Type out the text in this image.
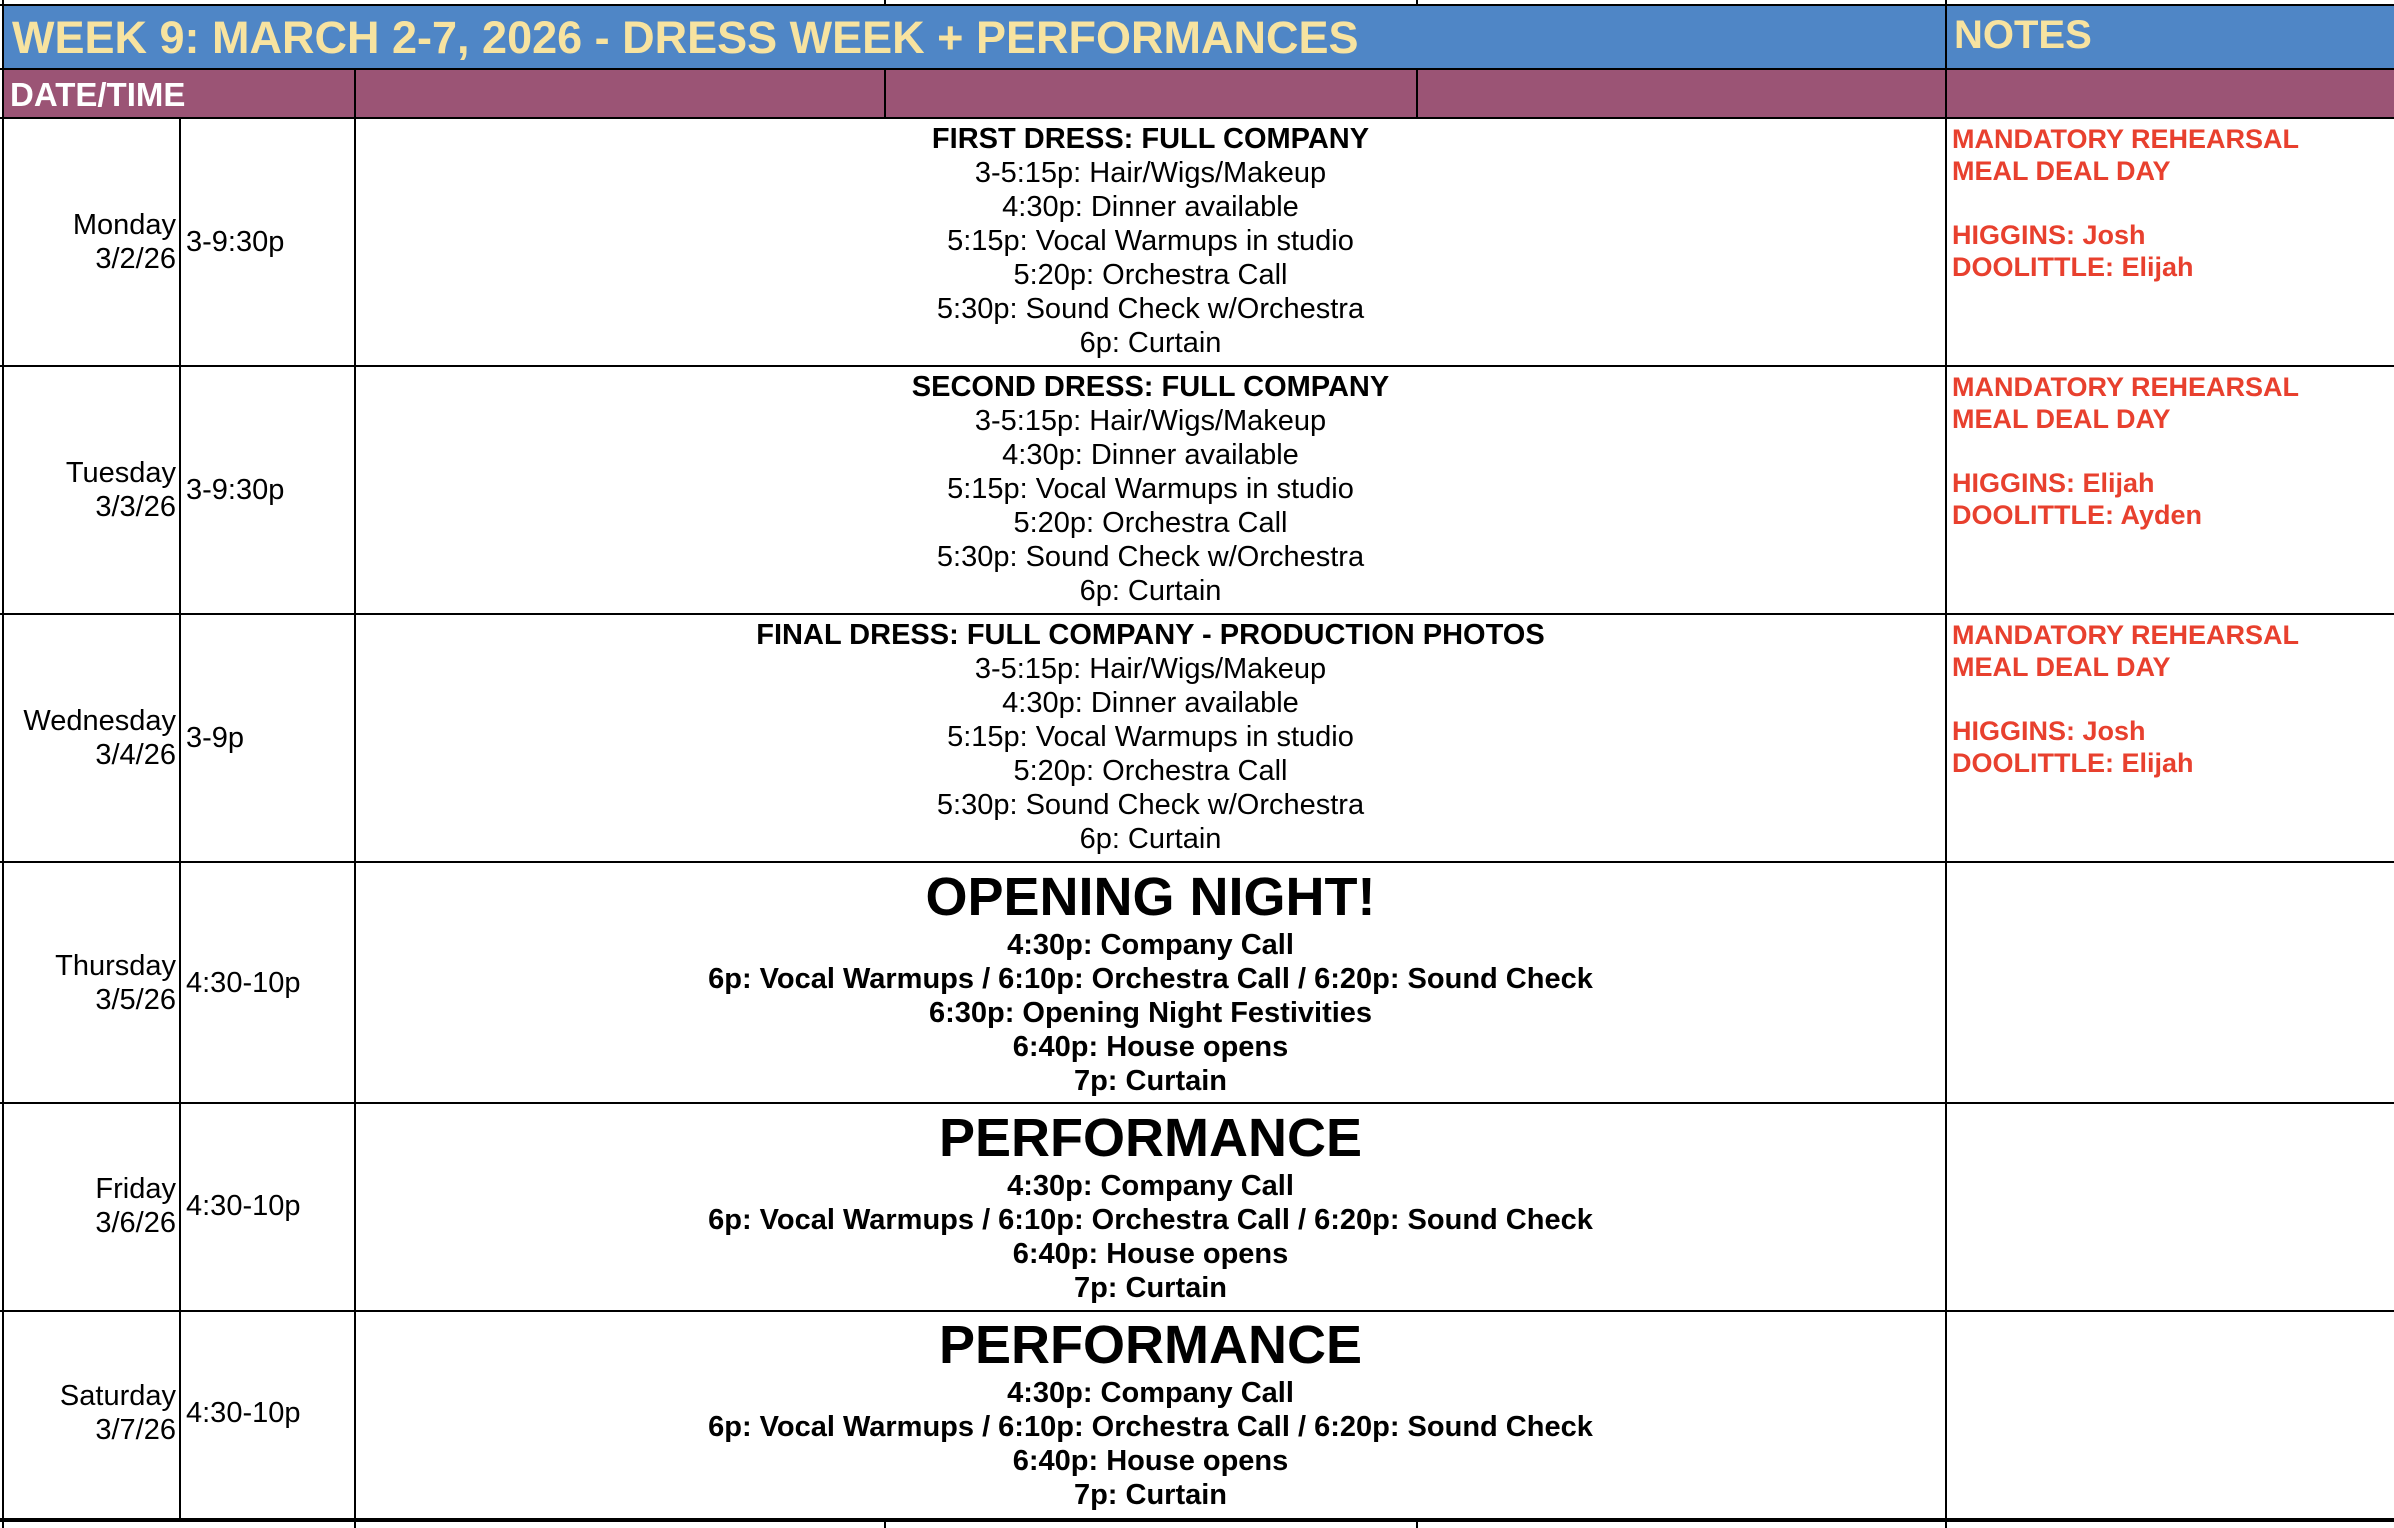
WEEK 9: MARCH 2-7, 2026 - DRESS WEEK + PERFORMANCES	NOTES
DATE/TIME
Monday
3/2/26
3-9:30p
FIRST DRESS: FULL COMPANY
3-5:15p: Hair/Wigs/Makeup
4:30p: Dinner available
5:15p: Vocal Warmups in studio
5:20p: Orchestra Call
5:30p: Sound Check w/Orchestra
6p: Curtain
MANDATORY REHEARSAL
MEAL DEAL DAY
HIGGINS: Josh
DOOLITTLE: Elijah
Tuesday
3/3/26
3-9:30p
SECOND DRESS: FULL COMPANY
3-5:15p: Hair/Wigs/Makeup
4:30p: Dinner available
5:15p: Vocal Warmups in studio
5:20p: Orchestra Call
5:30p: Sound Check w/Orchestra
6p: Curtain
MANDATORY REHEARSAL
MEAL DEAL DAY
HIGGINS: Elijah
DOOLITTLE: Ayden
Wednesday
3/4/26
3-9p
FINAL DRESS: FULL COMPANY - PRODUCTION PHOTOS
3-5:15p: Hair/Wigs/Makeup
4:30p: Dinner available
5:15p: Vocal Warmups in studio
5:20p: Orchestra Call
5:30p: Sound Check w/Orchestra
6p: Curtain
MANDATORY REHEARSAL
MEAL DEAL DAY
HIGGINS: Josh
DOOLITTLE: Elijah
Thursday
3/5/26
4:30-10p
OPENING NIGHT!
4:30p: Company Call
6p: Vocal Warmups / 6:10p: Orchestra Call / 6:20p: Sound Check
6:30p: Opening Night Festivities
6:40p: House opens
7p: Curtain
Friday
3/6/26
4:30-10p
PERFORMANCE
4:30p: Company Call
6p: Vocal Warmups / 6:10p: Orchestra Call / 6:20p: Sound Check
6:40p: House opens
7p: Curtain
Saturday
3/7/26
4:30-10p
PERFORMANCE
4:30p: Company Call
6p: Vocal Warmups / 6:10p: Orchestra Call / 6:20p: Sound Check
6:40p: House opens
7p: Curtain
